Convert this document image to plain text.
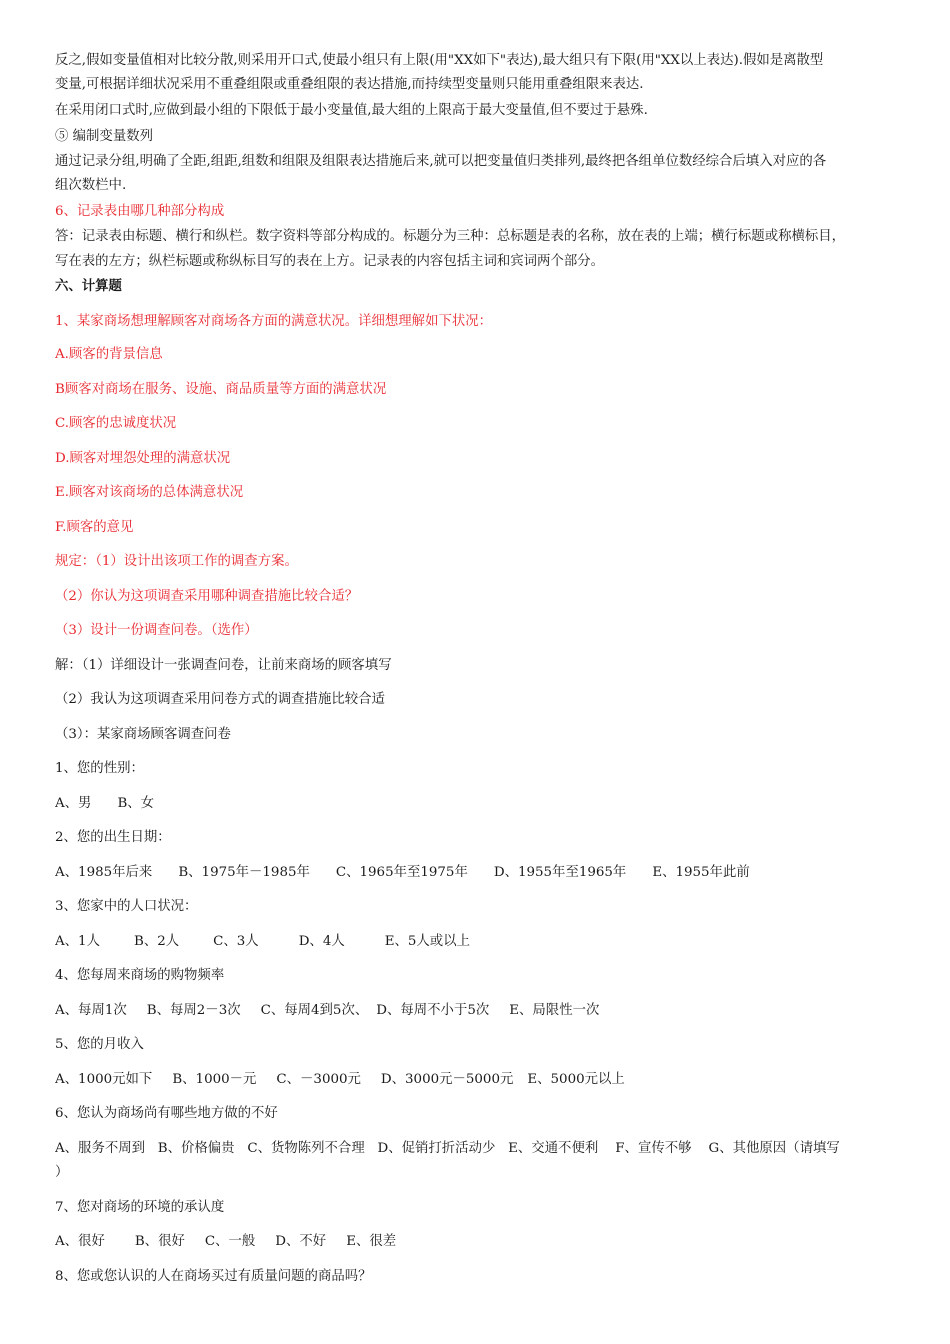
反之,假如变量值相对比较分散,则采用开口式,使最小组只有上限(用"XX如下"表达),最大组只有下限(用"XX以上表达).假如是离散型
变量,可根据详细状况采用不重叠组限或重叠组限的表达措施,而持续型变量则只能用重叠组限来表达.
在采用闭口式时,应做到最小组的下限低于最小变量值,最大组的上限高于最大变量值,但不要过于悬殊.
⑤ 编制变量数列
通过记录分组,明确了全距,组距,组数和组限及组限表达措施后来,就可以把变量值归类排列,最终把各组单位数经综合后填入对应的各
组次数栏中.
6、记录表由哪几种部分构成
答：记录表由标题、横行和纵栏。数字资料等部分构成的。标题分为三种：总标题是表的名称，放在表的上端；横行标题或称横标目，
写在表的左方；纵栏标题或称纵标目写的表在上方。记录表的内容包括主词和宾词两个部分。
六、计算题
1、某家商场想理解顾客对商场各方面的满意状况。详细想理解如下状况：
A.顾客的背景信息
B顾客对商场在服务、设施、商品质量等方面的满意状况
C.顾客的忠诚度状况
D.顾客对埋怨处理的满意状况
E.顾客对该商场的总体满意状况
F.顾客的意见
规定：（1）设计出该项工作的调查方案。
（2）你认为这项调查采用哪种调查措施比较合适？
（3）设计一份调查问卷。（选作）
解：（1）详细设计一张调查问卷，让前来商场的顾客填写
（2）我认为这项调查采用问卷方式的调查措施比较合适
（3）：某家商场顾客调查问卷
1、您的性别：
A、男 B、女
2、您的出生日期：
A、1985年后来 B、1975年－1985年 C、1965年至1975年 D、1955年至1965年 E、1955年此前
3、您家中的人口状况：
A、1人	B、2人	C、3人	D、4人	E、5人或以上
4、您每周来商场的购物频率
A、每周1次 B、每周2－3次 C、每周4到5次、 D、每周不小于5次 E、局限性一次
5、您的月收入
A、1000元如下 B、1000－元 C、－3000元 D、3000元－5000元 E、5000元以上
6、您认为商场尚有哪些地方做的不好
A、服务不周到   B、价格偏贵   C、货物陈列不合理   D、促销打折活动少   E、交通不便利    F、宣传不够    G、其他原因（请填写
）
7、您对商场的环境的承认度
A、很好 B、很好 C、一般 D、不好 E、很差
8、您或您认识的人在商场买过有质量问题的商品吗？
